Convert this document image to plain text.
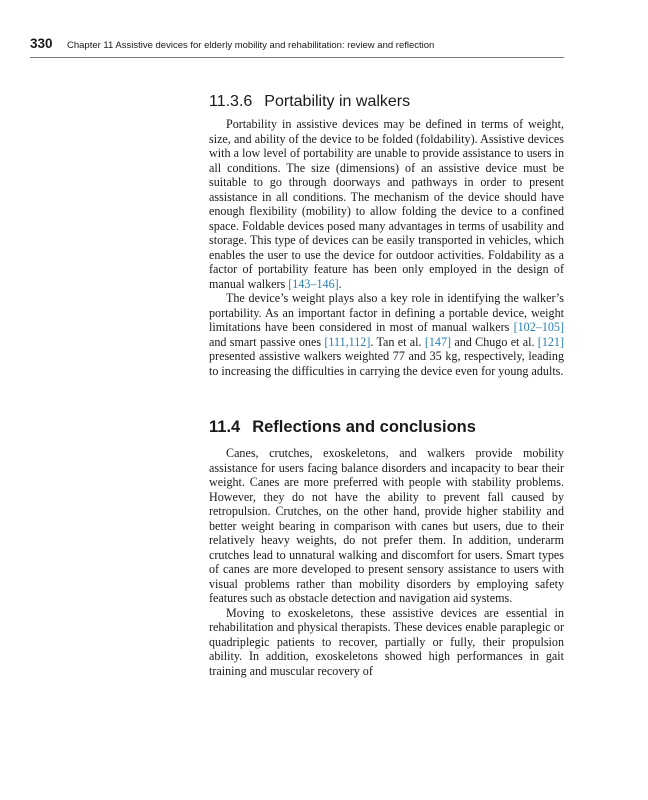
330 Chapter 11 Assistive devices for elderly mobility and rehabilitation: review and reflection
11.3.6 Portability in walkers

Portability in assistive devices may be defined in terms of weight, size, and ability of the device to be folded (foldability). Assistive devices with a low level of portability are unable to provide assistance to users in all conditions. The size (dimensions) of an assistive device must be suitable to go through doorways and pathways in order to present assistance in all conditions. The mechanism of the device should have enough flexibility (mobility) to allow folding the device to a confined space. Foldable devices posed many advantages in terms of usability and storage. This type of devices can be easily transported in vehicles, which enables the user to use the device for outdoor activities. Foldability as a factor of portability feature has been only employed in the design of manual walkers [143–146].

The device’s weight plays also a key role in identifying the walker’s portability. As an important factor in defining a portable device, weight limitations have been considered in most of manual walkers [102–105] and smart passive ones [111,112]. Tan et al. [147] and Chugo et al. [121] presented assistive walkers weighted 77 and 35 kg, respectively, leading to increasing the difficulties in carrying the device even for young adults.

11.4 Reflections and conclusions

Canes, crutches, exoskeletons, and walkers provide mobility assistance for users facing balance disorders and incapacity to bear their weight. Canes are more preferred with people with stability problems. However, they do not have the ability to prevent fall caused by retropulsion. Crutches, on the other hand, provide higher stability and better weight bearing in comparison with canes but users, due to their relatively heavy weights, do not prefer them. In addition, underarm crutches lead to unnatural walking and discomfort for users. Smart types of canes are more developed to present sensory assistance to users with visual problems rather than mobility disorders by employing safety features such as obstacle detection and navigation aid systems.

Moving to exoskeletons, these assistive devices are essential in rehabilitation and physical therapists. These devices enable paraplegic or quadriplegic patients to recover, partially or fully, their propulsion ability. In addition, exoskeletons showed high performances in gait training and muscular recovery of
